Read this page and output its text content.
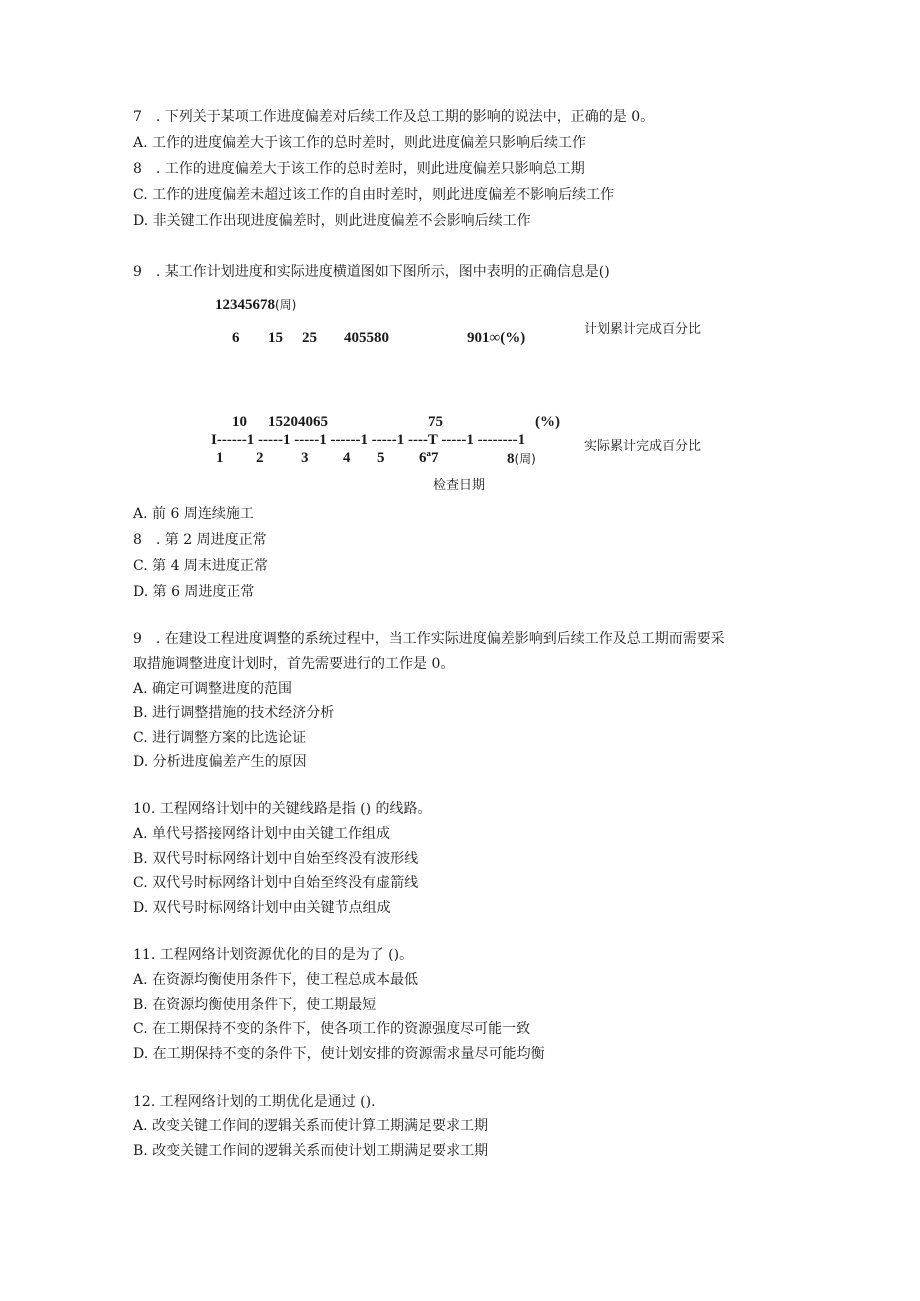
7　. 下列关于某项工作进度偏差对后续工作及总工期的影响的说法中，正确的是 0。
A. 工作的进度偏差大于该工作的总时差时，则此进度偏差只影响后续工作
8　. 工作的进度偏差大于该工作的总时差时，则此进度偏差只影响总工期
C. 工作的进度偏差未超过该工作的自由时差时，则此进度偏差不影响后续工作
D. 非关键工作出现进度偏差时，则此进度偏差不会影响后续工作
9　. 某工作计划进度和实际进度横道图如下图所示，图中表明的正确信息是()
12345678(周)
6 15 25 405580	901∞(%)
计划累计完成百分比
10 15204065	75	(%)
I------1 -----1 -----1 ------1 -----1 ----T -----1 --------1	实际累计完成百分比
1 2	3 4 5 6ª7	8(周)
检查日期
A. 前 6 周连续施工
8　. 第 2 周进度正常
C. 第 4 周末进度正常
D. 第 6 周进度正常
9　. 在建设工程进度调整的系统过程中，当工作实际进度偏差影响到后续工作及总工期而需要采
取措施调整进度计划时，首先需要进行的工作是 0。
A. 确定可调整进度的范围
B. 进行调整措施的技术经济分析
C. 进行调整方案的比选论证
D. 分析进度偏差产生的原因
10. 工程网络计划中的关键线路是指 () 的线路。
A. 单代号搭接网络计划中由关键工作组成
B. 双代号时标网络计划中自始至终没有波形线
C. 双代号时标网络计划中自始至终没有虚箭线
D. 双代号时标网络计划中由关键节点组成
11. 工程网络计划资源优化的目的是为了 ()。
A. 在资源均衡使用条件下，使工程总成本最低
B. 在资源均衡使用条件下，使工期最短
C. 在工期保持不变的条件下，使各项工作的资源强度尽可能一致
D. 在工期保持不变的条件下，使计划安排的资源需求量尽可能均衡
12. 工程网络计划的工期优化是通过 ().
A. 改变关键工作间的逻辑关系而使计算工期满足要求工期
B. 改变关键工作间的逻辑关系而使计划工期满足要求工期
